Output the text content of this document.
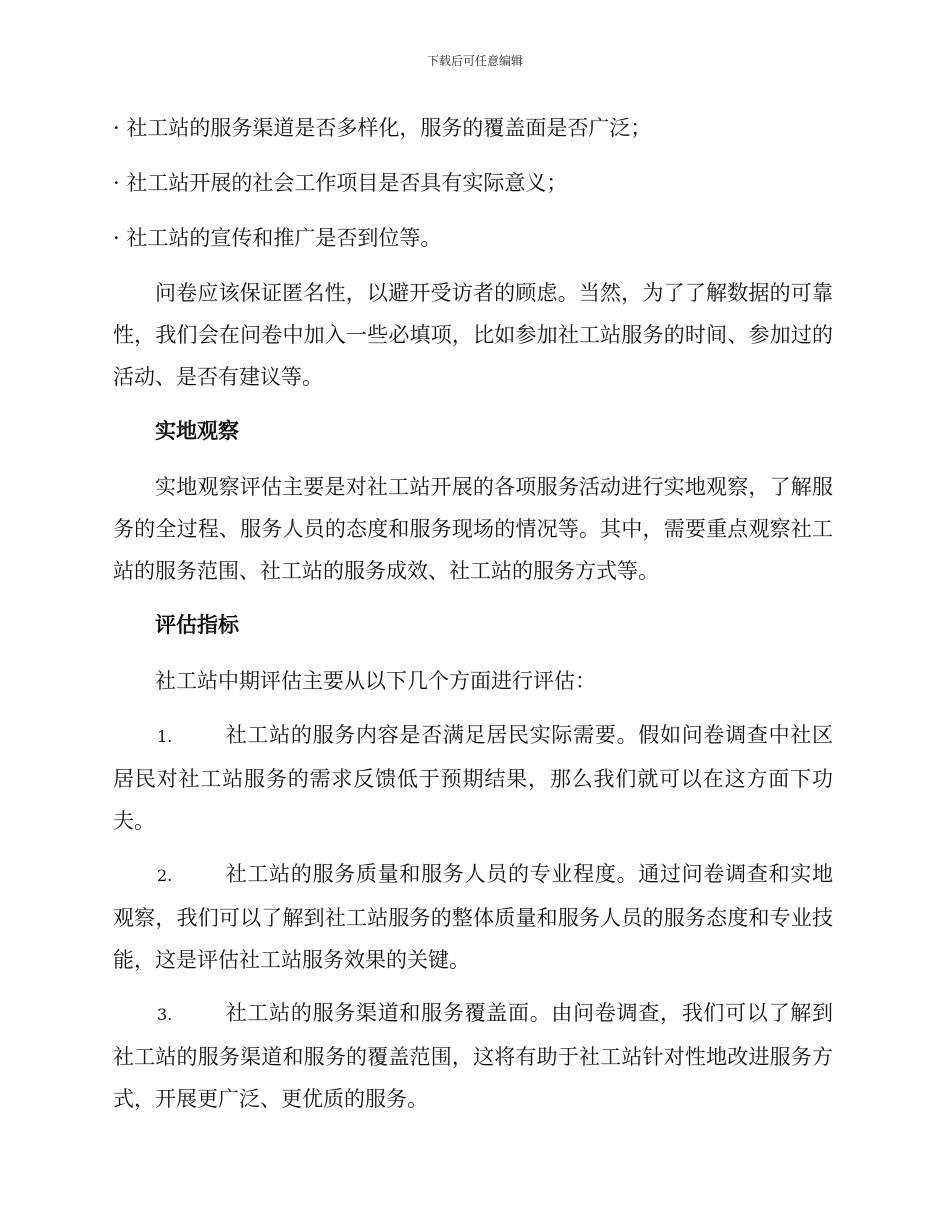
下载后可任意编辑

· 社工站的服务渠道是否多样化，服务的覆盖面是否广泛；

· 社工站开展的社会工作项目是否具有实际意义；

· 社工站的宣传和推广是否到位等。

问卷应该保证匿名性，以避开受访者的顾虑。当然，为了了解数据的可靠性，我们会在问卷中加入一些必填项，比如参加社工站服务的时间、参加过的活动、是否有建议等。

实地观察

实地观察评估主要是对社工站开展的各项服务活动进行实地观察，了解服务的全过程、服务人员的态度和服务现场的情况等。其中，需要重点观察社工站的服务范围、社工站的服务成效、社工站的服务方式等。

评估指标

社工站中期评估主要从以下几个方面进行评估：

1.	社工站的服务内容是否满足居民实际需要。假如问卷调查中社区居民对社工站服务的需求反馈低于预期结果，那么我们就可以在这方面下功夫。

2.	社工站的服务质量和服务人员的专业程度。通过问卷调查和实地观察，我们可以了解到社工站服务的整体质量和服务人员的服务态度和专业技能，这是评估社工站服务效果的关键。

3.	社工站的服务渠道和服务覆盖面。由问卷调查，我们可以了解到社工站的服务渠道和服务的覆盖范围，这将有助于社工站针对性地改进服务方式，开展更广泛、更优质的服务。
